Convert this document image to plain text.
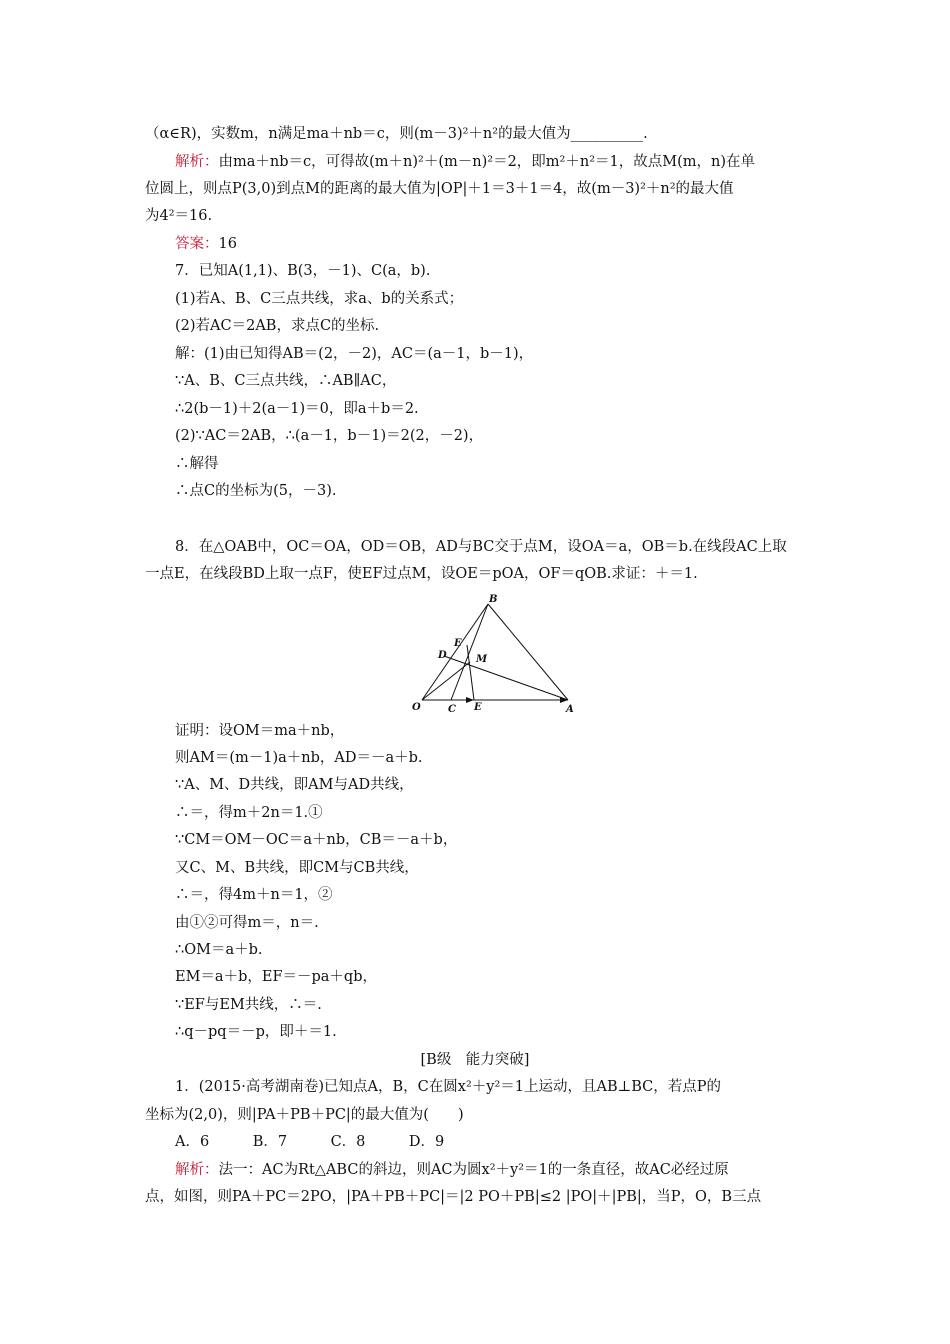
（α∈R)，实数m，n满足ma＋nb＝c，则(m－3)²＋n²的最大值为__________.
解析：由ma＋nb＝c，可得故(m＋n)²＋(m－n)²＝2，即m²＋n²＝1，故点M(m，n)在单
位圆上，则点P(3,0)到点M的距离的最大值为|OP|＋1＝3＋1＝4，故(m－3)²＋n²的最大值
为4²＝16.
答案：16
7．已知A(1,1)、B(3，－1)、C(a，b).
(1)若A、B、C三点共线，求a、b的关系式；
(2)若AC＝2AB，求点C的坐标.
解：(1)由已知得AB＝(2，－2)，AC＝(a－1，b－1)，
∵A、B、C三点共线，∴AB∥AC，
∴2(b－1)＋2(a－1)＝0，即a＋b＝2.
(2)∵AC＝2AB，∴(a－1，b－1)＝2(2，－2)，
∴解得
∴点C的坐标为(5，－3).
8．在△OAB中，OC＝OA，OD＝OB，AD与BC交于点M，设OA＝a，OB＝b.在线段AC上取
一点E，在线段BD上取一点F，使EF过点M，设OE＝pOA，OF＝qOB.求证：＋＝1.
B
E
D	M
O	C E	A
证明：设OM＝ma＋nb，
则AM＝(m－1)a＋nb，AD＝－a＋b.
∵A、M、D共线，即AM与AD共线，
∴＝，得m＋2n＝1.①
∵CM＝OM－OC＝a＋nb，CB＝－a＋b，
又C、M、B共线，即CM与CB共线，
∴＝，得4m＋n＝1，②
由①②可得m＝，n＝.
∴OM＝a＋b.
EM＝a＋b，EF＝－pa＋qb，
∵EF与EM共线，∴＝.
∴q－pq＝－p，即＋＝1.
[B级　能力突破]
1．(2015·高考湖南卷)已知点A，B，C在圆x²＋y²＝1上运动，且AB⊥BC，若点P的
坐标为(2,0)，则|PA＋PB＋PC|的最大值为(　　)
A．6　　　B．7　　　C．8　　　D．9
解析：法一：AC为Rt△ABC的斜边，则AC为圆x²＋y²＝1的一条直径，故AC必经过原
点，如图，则PA＋PC＝2PO，|PA＋PB＋PC|＝|2 PO＋PB|≤2 |PO|＋|PB|，当P，O，B三点
